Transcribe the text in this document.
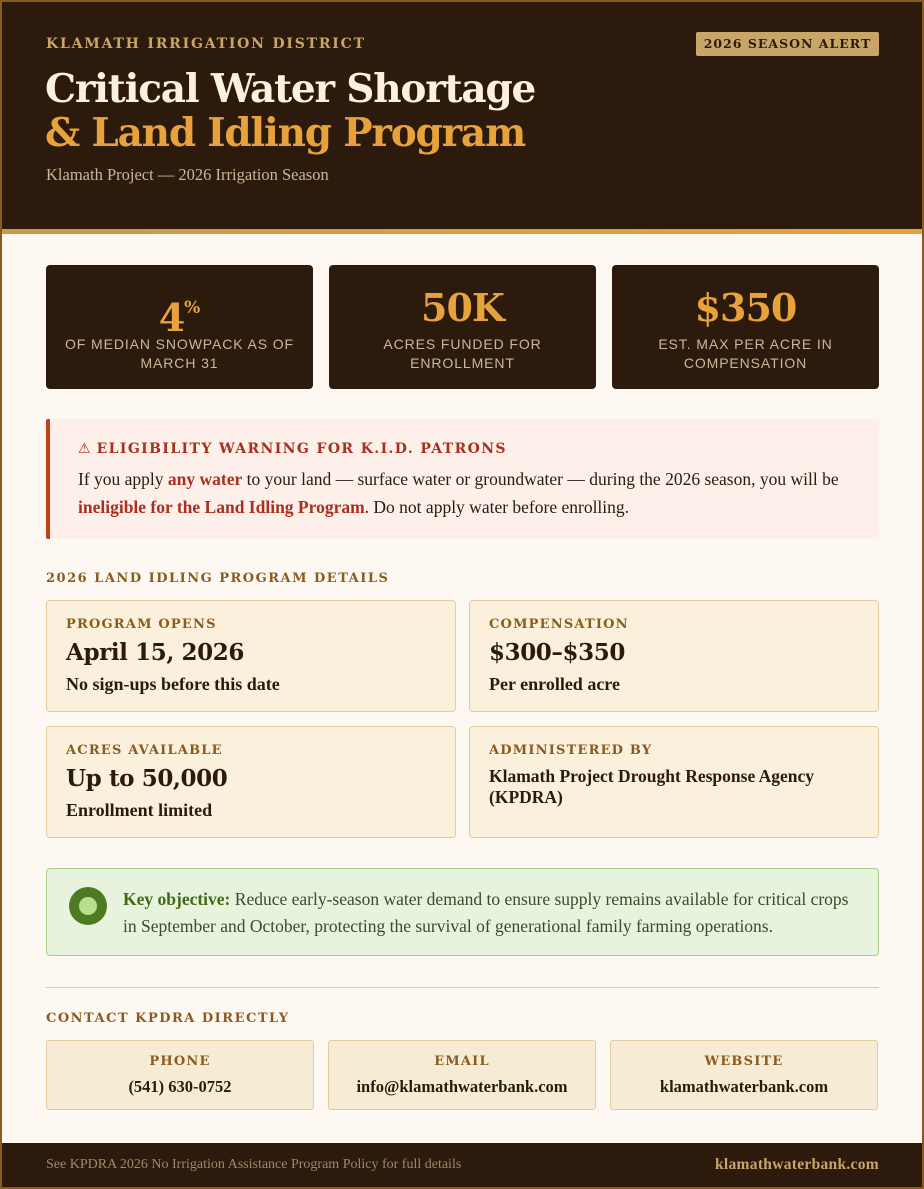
KLAMATH IRRIGATION DISTRICT	2026 SEASON ALERT
Critical Water Shortage
& Land Idling Program
Klamath Project — 2026 Irrigation Season
4%
OF MEDIAN SNOWPACK AS OF MARCH 31
50K
ACRES FUNDED FOR ENROLLMENT
$350
EST. MAX PER ACRE IN COMPENSATION
⚠ ELIGIBILITY WARNING FOR K.I.D. PATRONS
If you apply any water to your land — surface water or groundwater — during the 2026 season, you will be ineligible for the Land Idling Program. Do not apply water before enrolling.
2026 LAND IDLING PROGRAM DETAILS
PROGRAM OPENS
April 15, 2026
No sign-ups before this date
COMPENSATION
$300–$350
Per enrolled acre
ACRES AVAILABLE
Up to 50,000
Enrollment limited
ADMINISTERED BY
Klamath Project Drought Response Agency (KPDRA)
Key objective: Reduce early-season water demand to ensure supply remains available for critical crops in September and October, protecting the survival of generational family farming operations.
CONTACT KPDRA DIRECTLY
PHONE
(541) 630-0752
EMAIL
info@klamathwaterbank.com
WEBSITE
klamathwaterbank.com
See KPDRA 2026 No Irrigation Assistance Program Policy for full details	klamathwaterbank.com
